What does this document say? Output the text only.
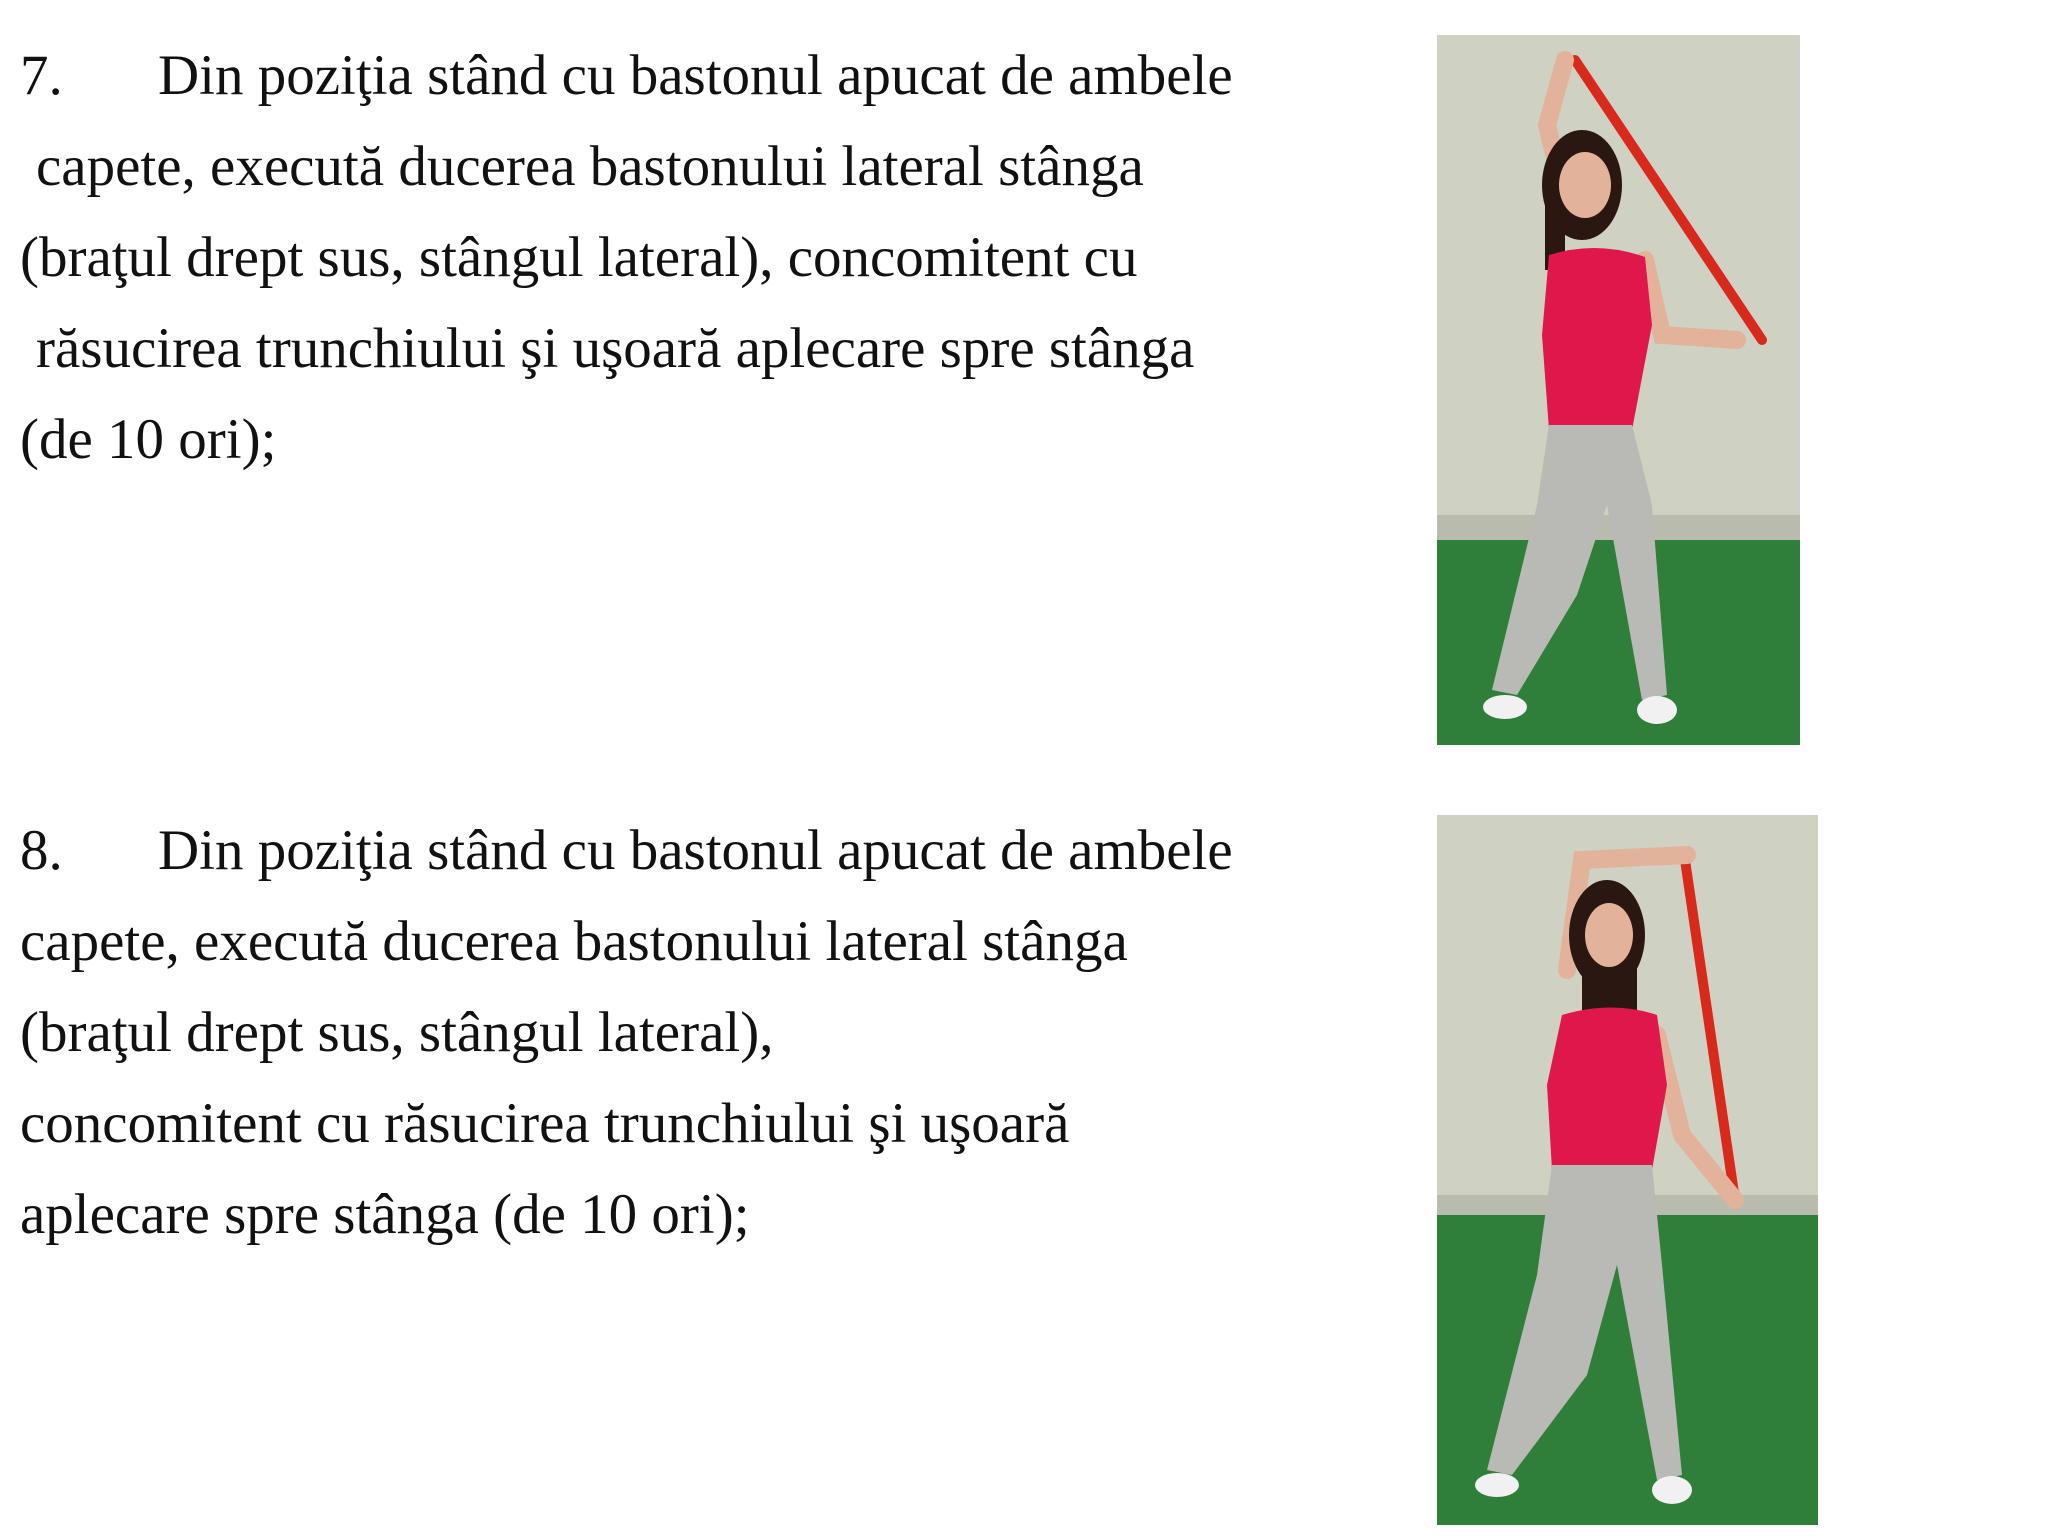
7. Din poziţia stând cu bastonul apucat de ambele
capete, execută ducerea bastonului lateral stânga
(braţul drept sus, stângul lateral), concomitent cu
răsucirea trunchiului şi uşoară aplecare spre stânga
(de 10 ori);
8. Din poziţia stând cu bastonul apucat de ambele
capete, execută ducerea bastonului lateral stânga
(braţul drept sus, stângul lateral),
concomitent cu răsucirea trunchiului şi uşoară
aplecare spre stânga (de 10 ori);
